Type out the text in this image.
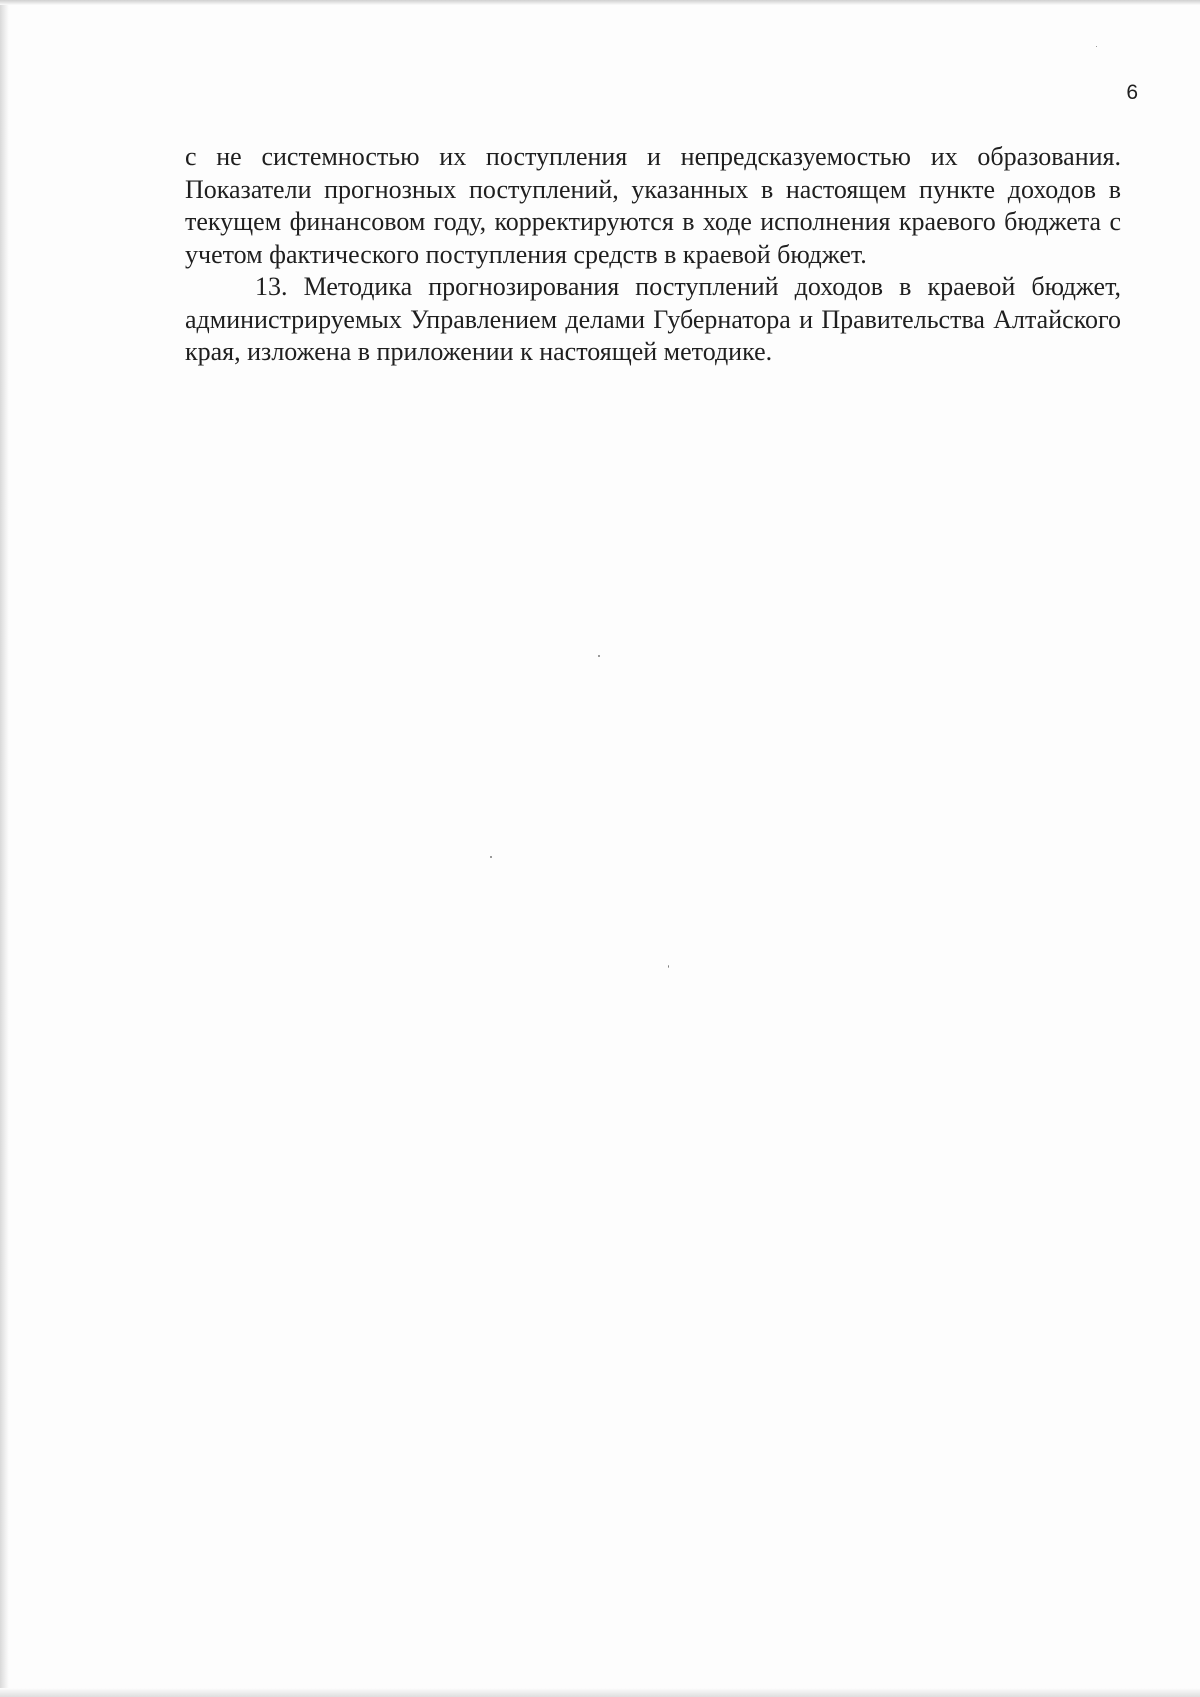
6

с не системностью их поступления и непредсказуемостью их образования. Показатели прогнозных поступлений, указанных в настоящем пункте доходов в текущем финансовом году, корректируются в ходе исполнения краевого бюджета с учетом фактического поступления средств в краевой бюджет.

13. Методика прогнозирования поступлений доходов в краевой бюджет, администрируемых Управлением делами Губернатора и Правительства Алтайского края, изложена в приложении к настоящей методике.
